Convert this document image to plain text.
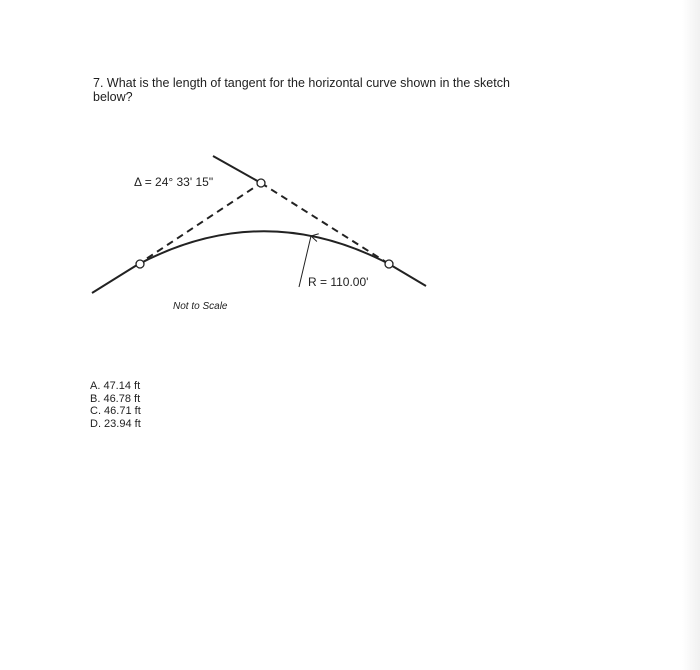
7. What is the length of tangent for the horizontal curve shown in the sketch below?

Δ = 24° 33' 15"
R = 110.00'
Not to Scale
A. 47.14 ft
B. 46.78 ft
C. 46.71 ft
D. 23.94 ft
